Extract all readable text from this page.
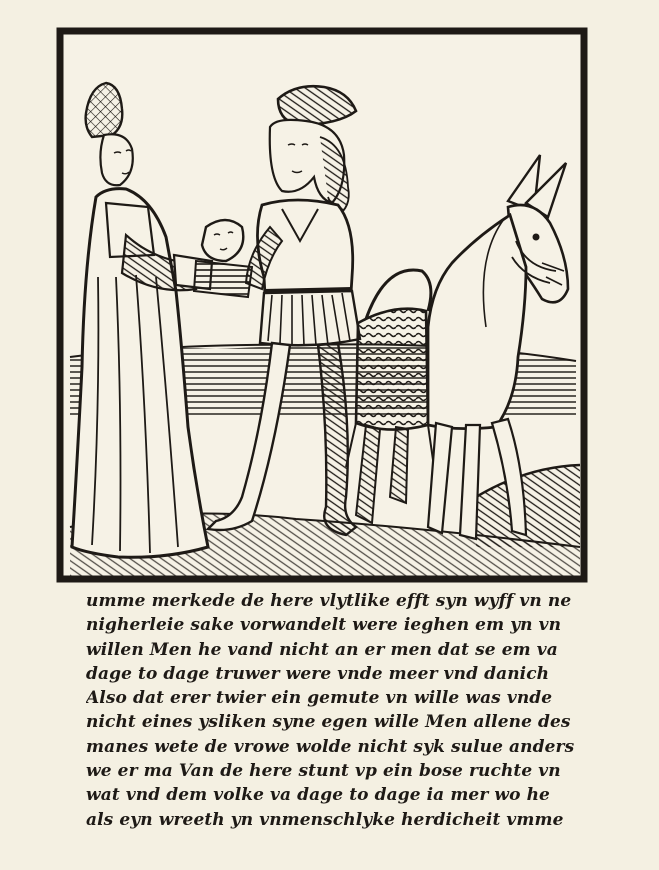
umme merkede de here vlytlike efft syn wyff vn ne
nigherleie sake vorwandelt were ieghen em yn vn
willen Men he vand nicht an er men dat se em va
dage to dage truwer were vnde meer vnd danich
Also dat erer twier ein gemute vn wille was vnde
nicht eines ysliken syne egen wille Men allene des
manes wete de vrowe wolde nicht syk sulue anders
we er ma Van de here stunt vp ein bose ruchte vn
wat vnd dem volke va dage to dage ia mer wo he
als eyn wreeth yn vnmenschlyke herdicheit vmme
